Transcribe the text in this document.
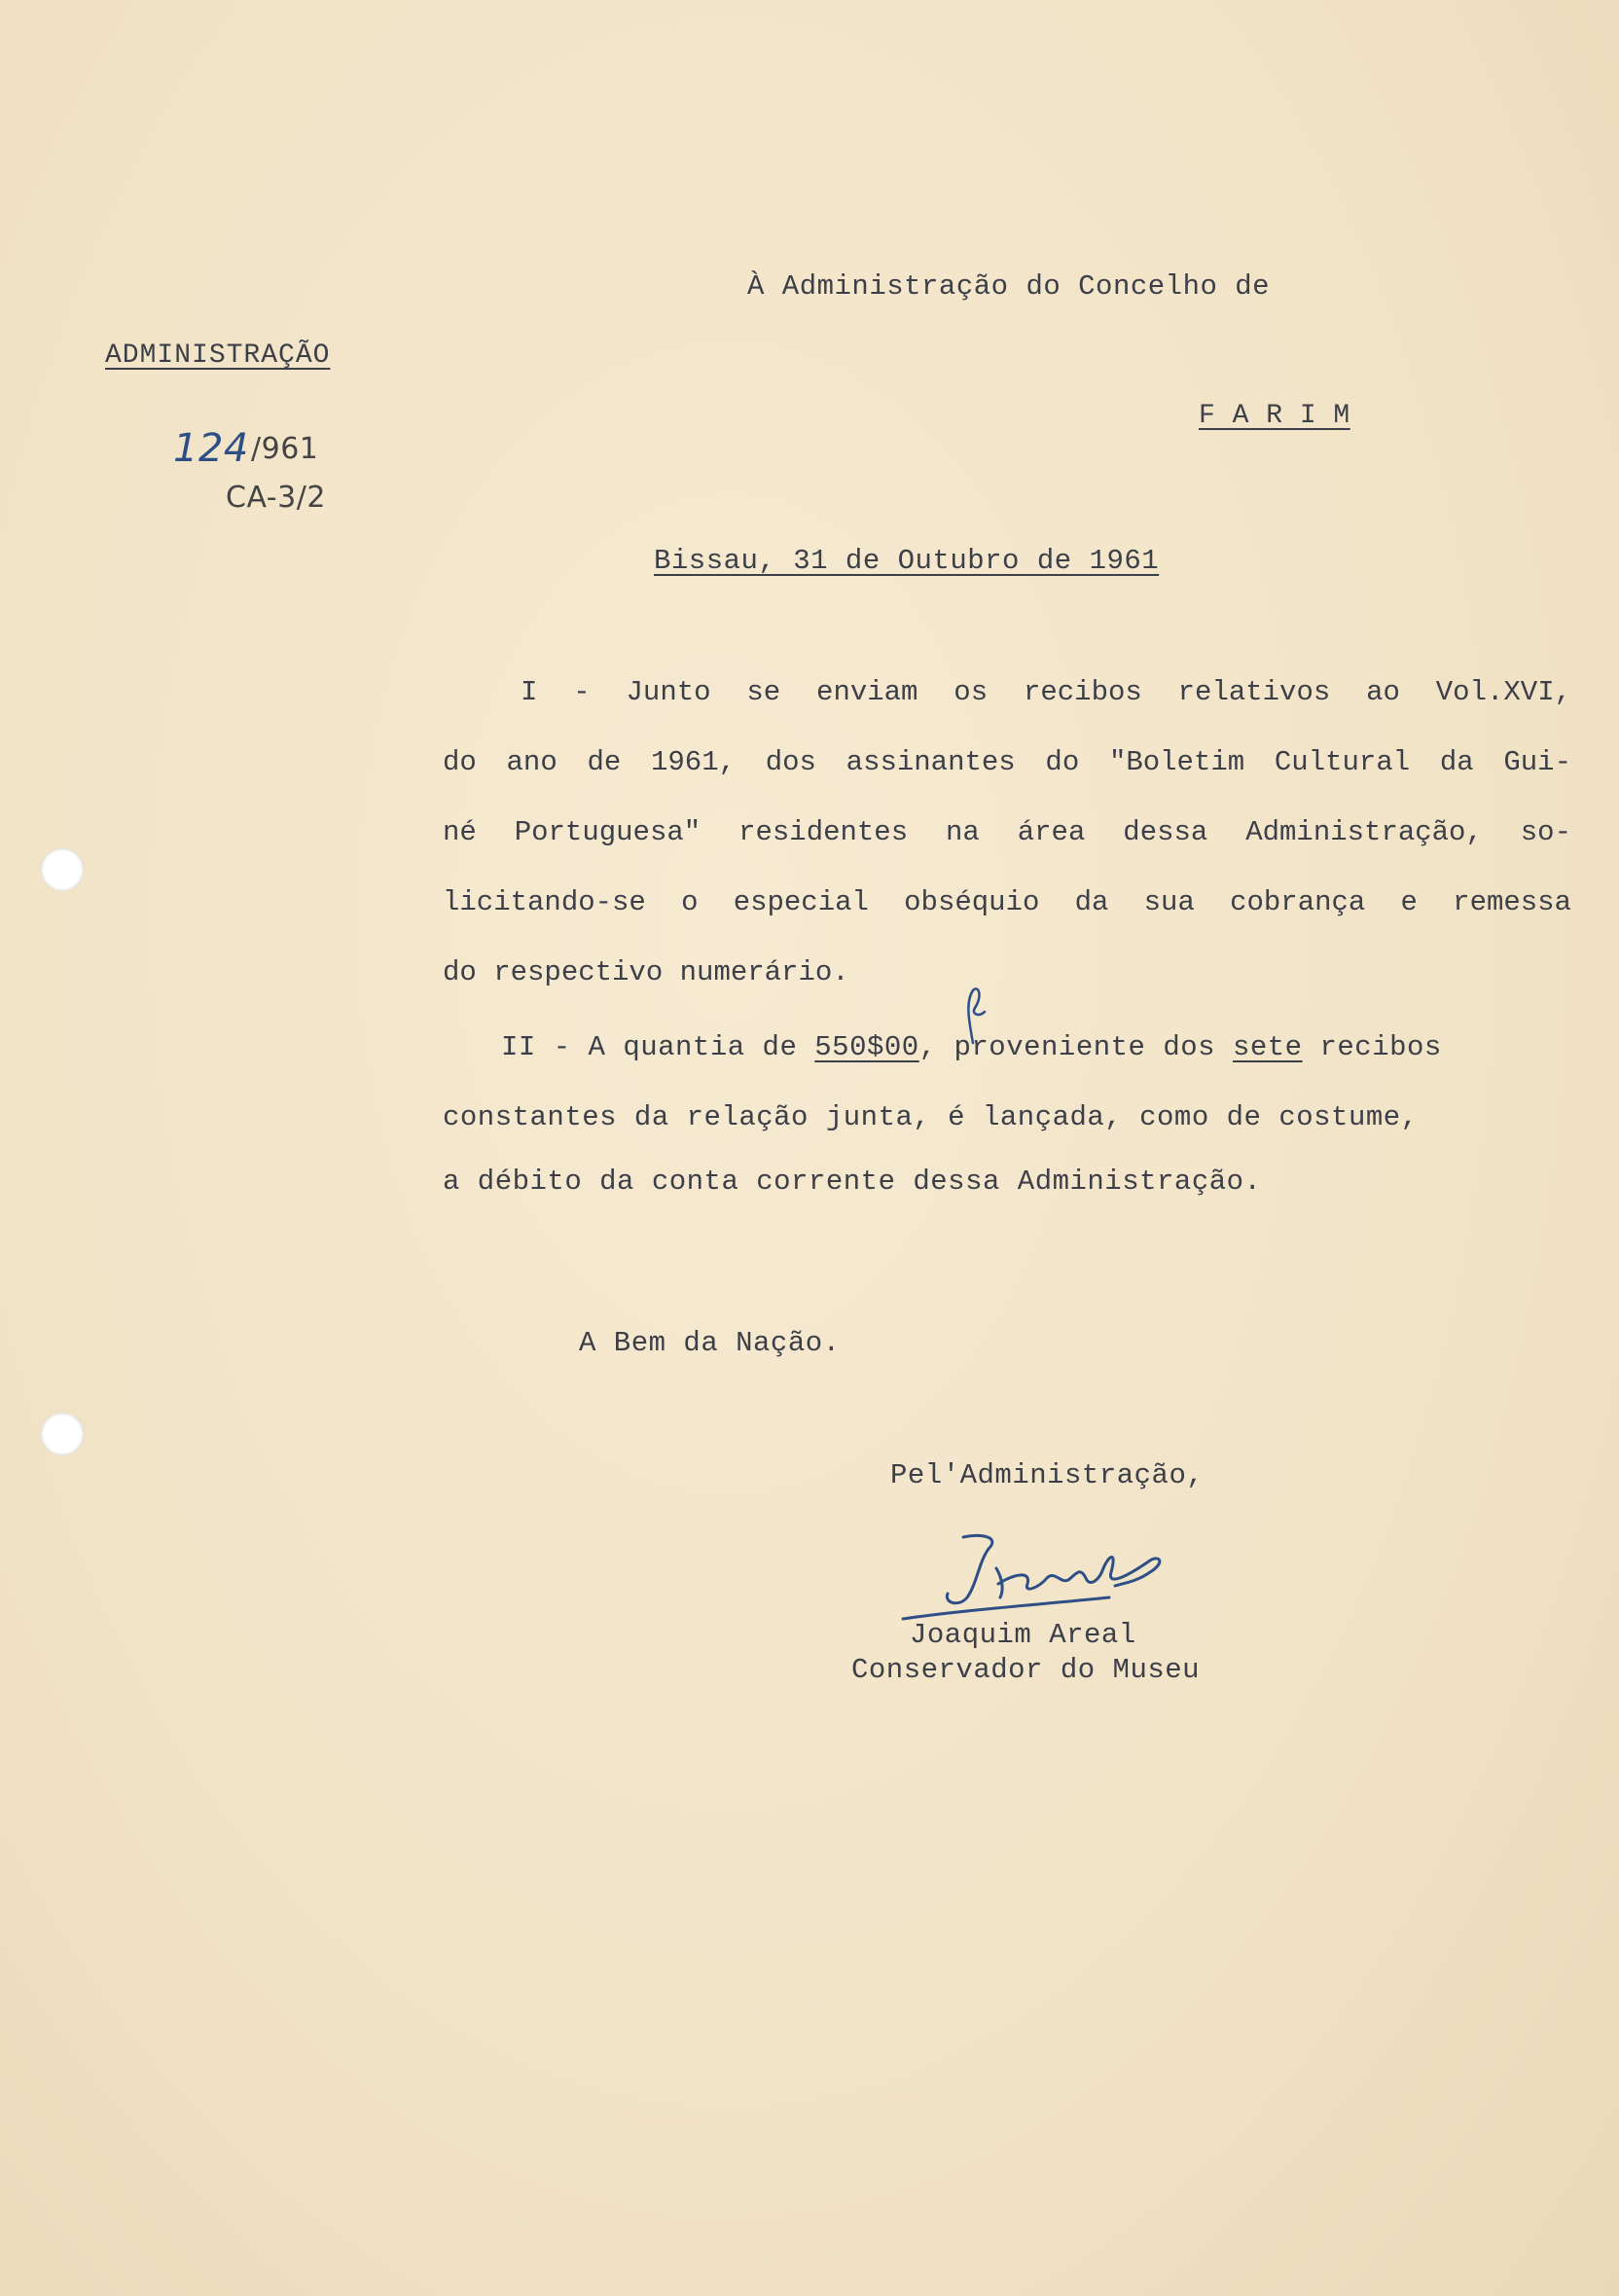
ADMINISTRAÇÃO
124 /961
CA-3/2
À Administração do Concelho de
F A R I M
Bissau, 31 de Outubro de 1961
I - Junto se enviam os recibos relativos ao Vol.XVI,
do ano de 1961, dos assinantes do "Boletim Cultural da Gui-
né Portuguesa" residentes na área dessa Administração, so-
licitando-se o especial obséquio da sua cobrança e remessa
do respectivo numerário.
II - A quantia de 550$00, proveniente dos sete recibos
constantes da relação junta, é lançada, como de costume,
a débito da conta corrente dessa Administração.
A Bem da Nação.
Pel'Administração,
Joaquim Areal
Conservador do Museu
